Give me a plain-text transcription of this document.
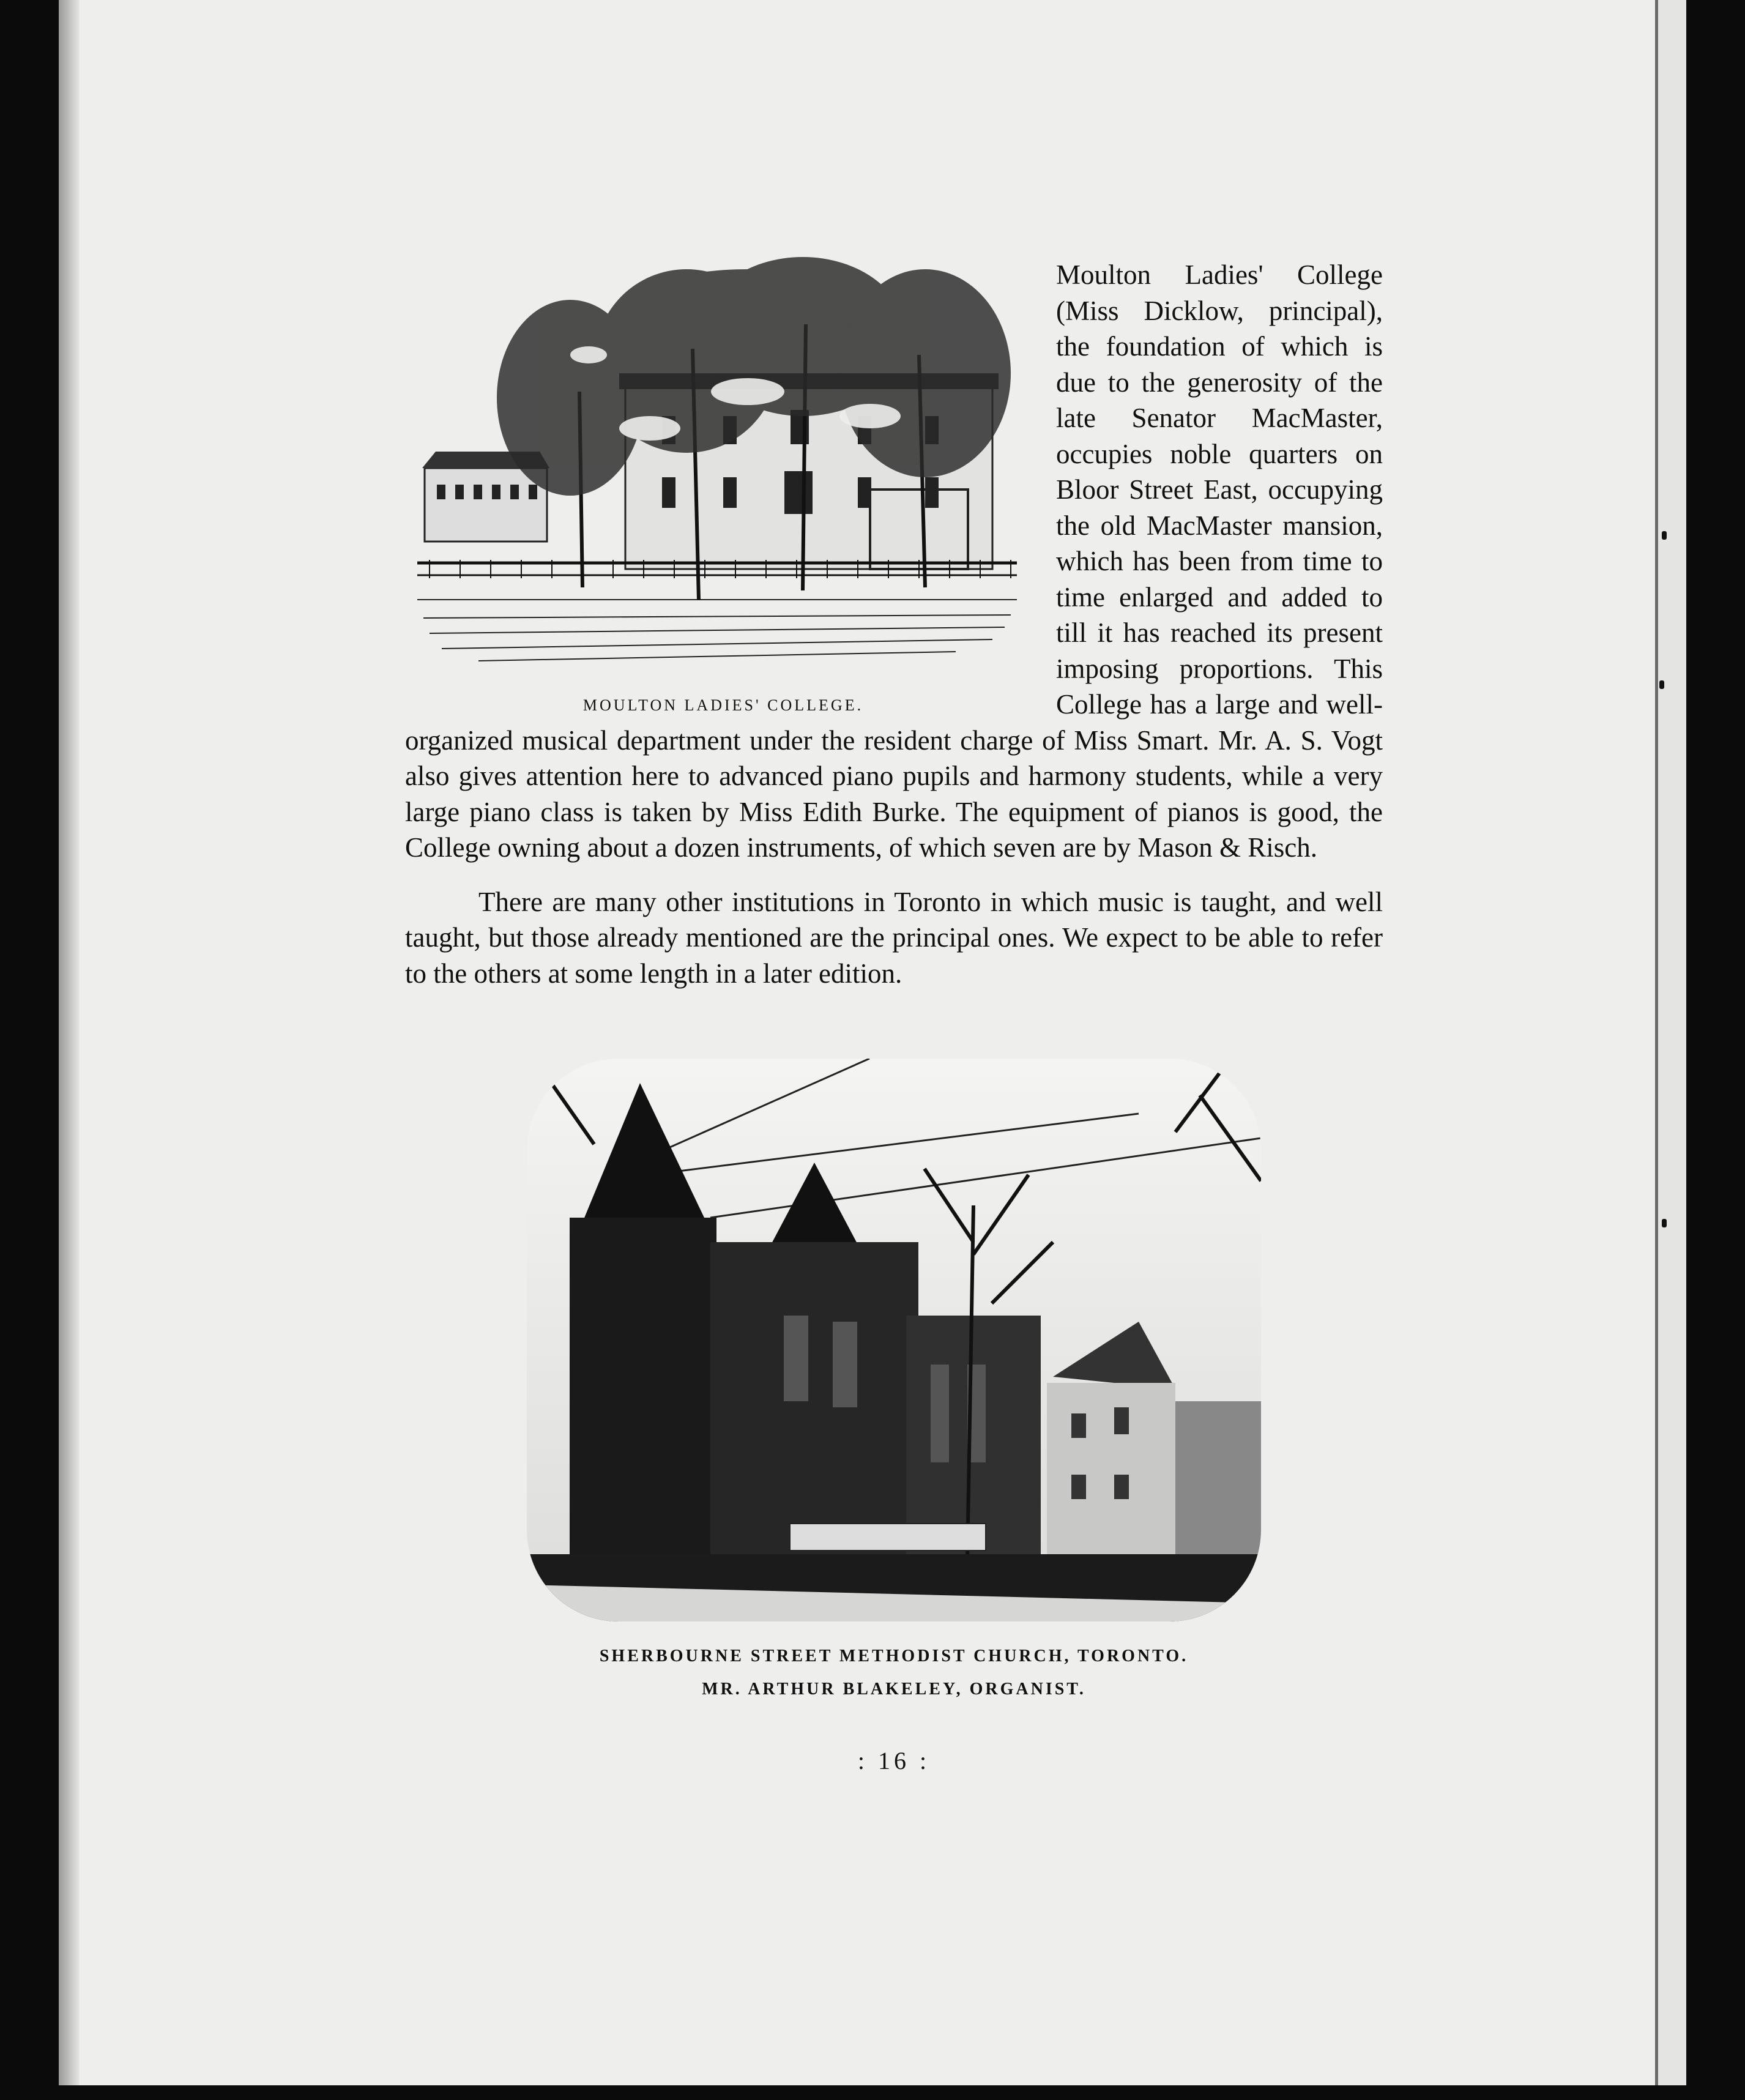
MOULTON LADIES' COLLEGE.

Moulton Ladies' College (Miss Dicklow, principal), the foundation of which is due to the generosity of the late Senator MacMaster, occupies noble quarters on Bloor Street East, occupying the old MacMaster mansion, which has been from time to time enlarged and added to till it has reached its present imposing proportions. This College has a large and well-organized musical department under the resident charge of Miss Smart. Mr. A. S. Vogt also gives attention here to advanced piano pupils and harmony students, while a very large piano class is taken by Miss Edith Burke. The equipment of pianos is good, the College owning about a dozen instruments, of which seven are by Mason & Risch.

There are many other institutions in Toronto in which music is taught, and well taught, but those already mentioned are the principal ones. We expect to be able to refer to the others at some length in a later edition.

SHERBOURNE STREET METHODIST CHURCH, TORONTO.
MR. ARTHUR BLAKELEY, ORGANIST.
: 16 :
